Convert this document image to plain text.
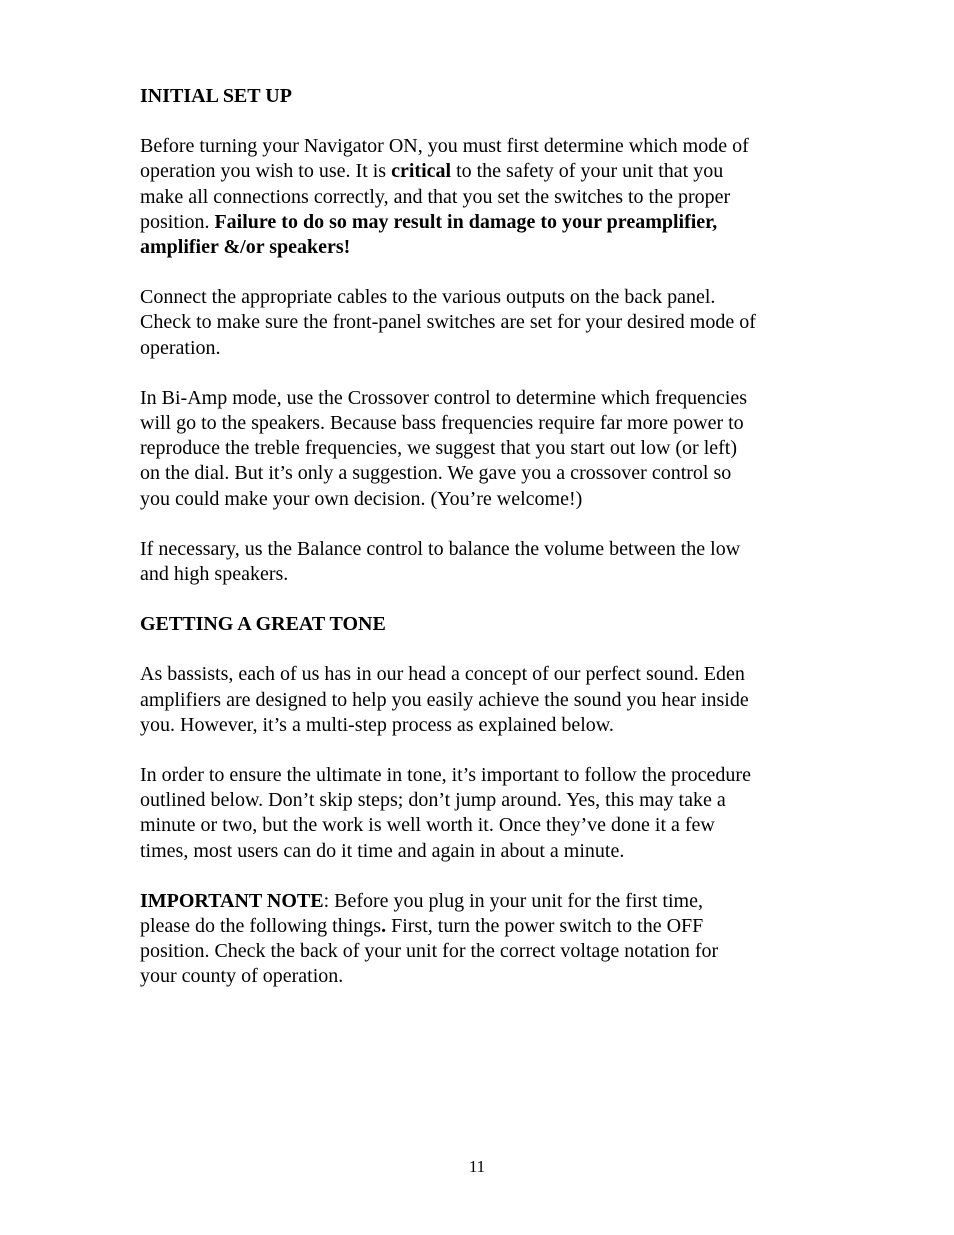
INITIAL SET UP
Before turning your Navigator ON, you must first determine which mode of
operation you wish to use. It is critical to the safety of your unit that you
make all connections correctly, and that you set the switches to the proper
position. Failure to do so may result in damage to your preamplifier,
amplifier &/or speakers!
Connect the appropriate cables to the various outputs on the back panel.
Check to make sure the front-panel switches are set for your desired mode of
operation.
In Bi-Amp mode, use the Crossover control to determine which frequencies
will go to the speakers. Because bass frequencies require far more power to
reproduce the treble frequencies, we suggest that you start out low (or left)
on the dial. But it’s only a suggestion. We gave you a crossover control so
you could make your own decision. (You’re welcome!)
If necessary, us the Balance control to balance the volume between the low
and high speakers.
GETTING A GREAT TONE
As bassists, each of us has in our head a concept of our perfect sound. Eden
amplifiers are designed to help you easily achieve the sound you hear inside
you. However, it’s a multi-step process as explained below.
In order to ensure the ultimate in tone, it’s important to follow the procedure
outlined below. Don’t skip steps; don’t jump around. Yes, this may take a
minute or two, but the work is well worth it. Once they’ve done it a few
times, most users can do it time and again in about a minute.
IMPORTANT NOTE: Before you plug in your unit for the first time,
please do the following things. First, turn the power switch to the OFF
position. Check the back of your unit for the correct voltage notation for
your county of operation.
11
